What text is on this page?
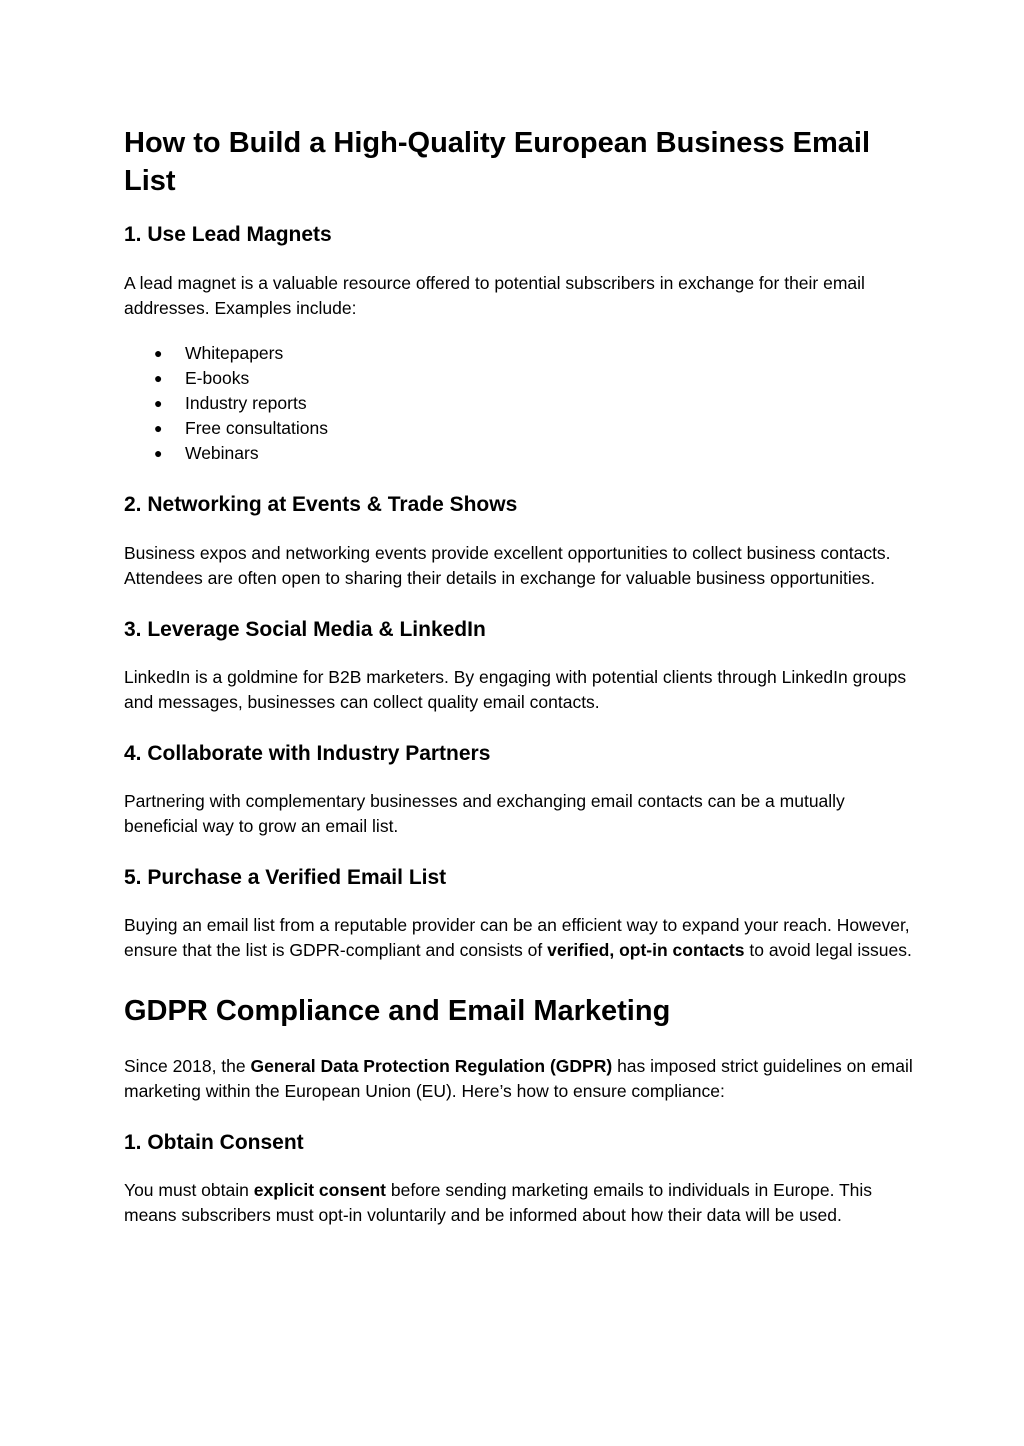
How to Build a High-Quality European Business Email List
1. Use Lead Magnets

A lead magnet is a valuable resource offered to potential subscribers in exchange for their email addresses. Examples include:

● Whitepapers
● E-books
● Industry reports
● Free consultations
● Webinars
2. Networking at Events & Trade Shows

Business expos and networking events provide excellent opportunities to collect business contacts. Attendees are often open to sharing their details in exchange for valuable business opportunities.

3. Leverage Social Media & LinkedIn

LinkedIn is a goldmine for B2B marketers. By engaging with potential clients through LinkedIn groups and messages, businesses can collect quality email contacts.

4. Collaborate with Industry Partners

Partnering with complementary businesses and exchanging email contacts can be a mutually beneficial way to grow an email list.

5. Purchase a Verified Email List

Buying an email list from a reputable provider can be an efficient way to expand your reach. However, ensure that the list is GDPR-compliant and consists of verified, opt-in contacts to avoid legal issues.

GDPR Compliance and Email Marketing

Since 2018, the General Data Protection Regulation (GDPR) has imposed strict guidelines on email marketing within the European Union (EU). Here’s how to ensure compliance:

1. Obtain Consent

You must obtain explicit consent before sending marketing emails to individuals in Europe. This means subscribers must opt-in voluntarily and be informed about how their data will be used.
